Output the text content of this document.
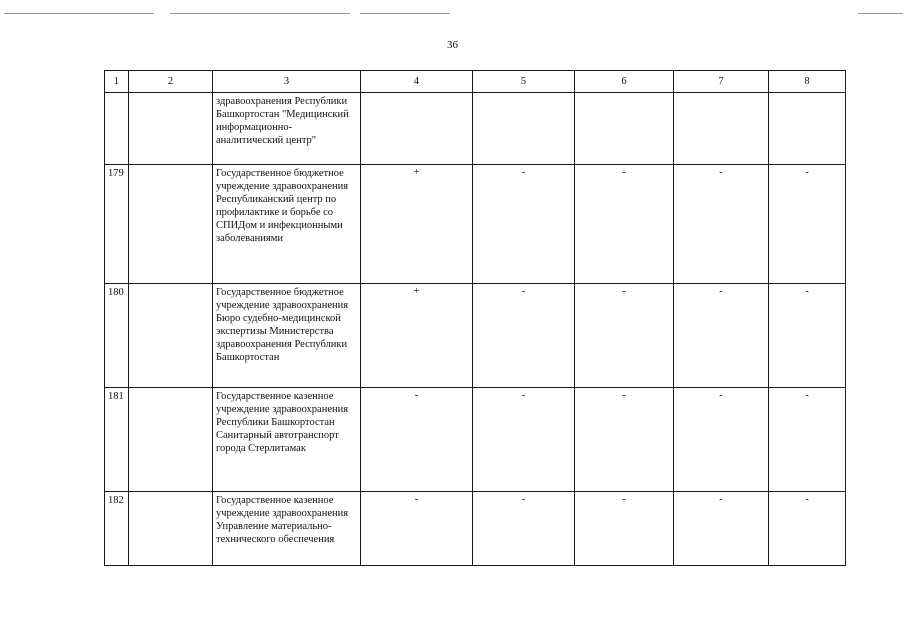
36
1	2	3	4	5	6	7	8
		здравоохранения Республики Башкортостан "Медицинский информационно-аналитический центр"					
179		Государственное бюджетное учреждение здравоохранения Республиканский центр по профилактике и борьбе со СПИДом и инфекционными заболеваниями	+	-	-	-	-
180		Государственное бюджетное учреждение здравоохранения Бюро судебно-медицинской экспертизы Министерства здравоохранения Республики Башкортостан	+	-	-	-	-
181		Государственное казенное учреждение здравоохранения Республики Башкортостан Санитарный автотранспорт города Стерлитамак	-	-	-	-	-
182		Государственное казенное учреждение здравоохранения Управление материально-технического обеспечения	-	-	-	-	-
